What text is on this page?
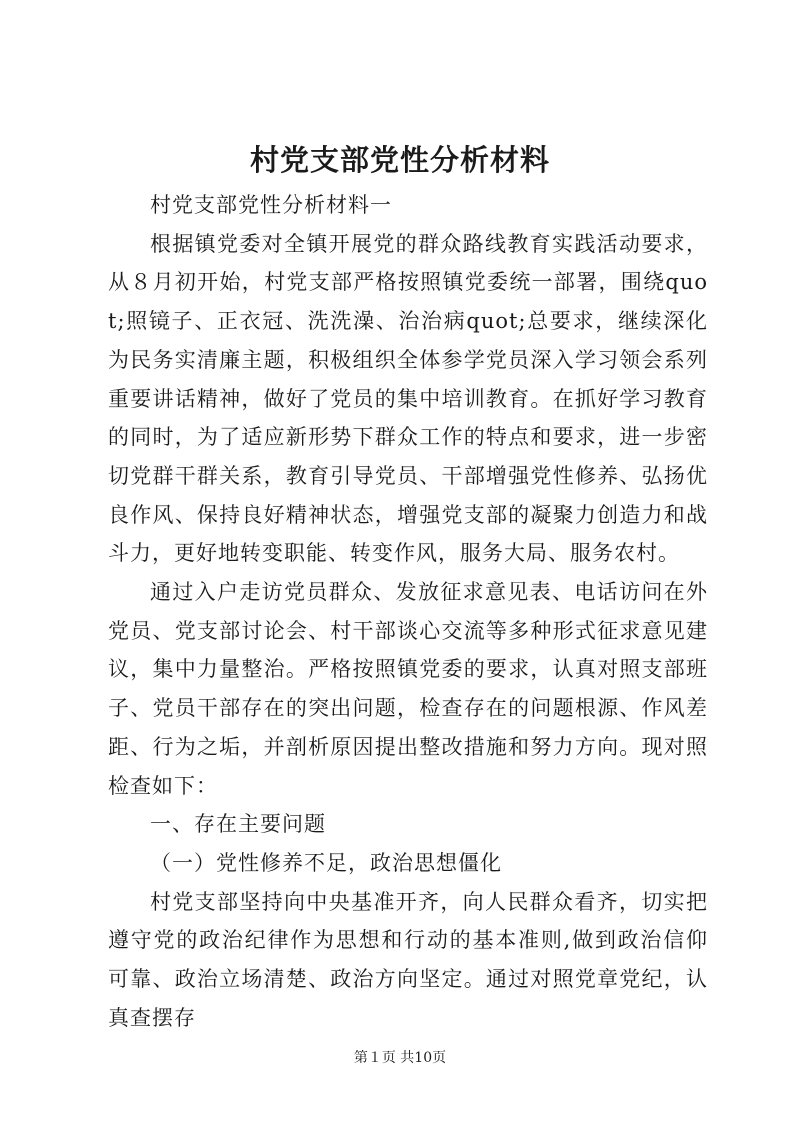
村党支部党性分析材料

村党支部党性分析材料一

根据镇党委对全镇开展党的群众路线教育实践活动要求，从８月初开始，村党支部严格按照镇党委统一部署，围绕quot;照镜子、正衣冠、洗洗澡、治治病quot;总要求，继续深化为民务实清廉主题，积极组织全体参学党员深入学习领会系列重要讲话精神，做好了党员的集中培训教育。在抓好学习教育的同时，为了适应新形势下群众工作的特点和要求，进一步密切党群干群关系，教育引导党员、干部增强党性修养、弘扬优良作风、保持良好精神状态，增强党支部的凝聚力创造力和战斗力，更好地转变职能、转变作风，服务大局、服务农村。

通过入户走访党员群众、发放征求意见表、电话访问在外党员、党支部讨论会、村干部谈心交流等多种形式征求意见建议，集中力量整治。严格按照镇党委的要求，认真对照支部班子、党员干部存在的突出问题，检查存在的问题根源、作风差距、行为之垢，并剖析原因提出整改措施和努力方向。现对照检查如下：

一、存在主要问题

（一）党性修养不足，政治思想僵化

村党支部坚持向中央基准开齐，向人民群众看齐，切实把遵守党的政治纪律作为思想和行动的基本准则,做到政治信仰可靠、政治立场清楚、政治方向坚定。通过对照党章党纪，认真查摆存

第１页 共10页
